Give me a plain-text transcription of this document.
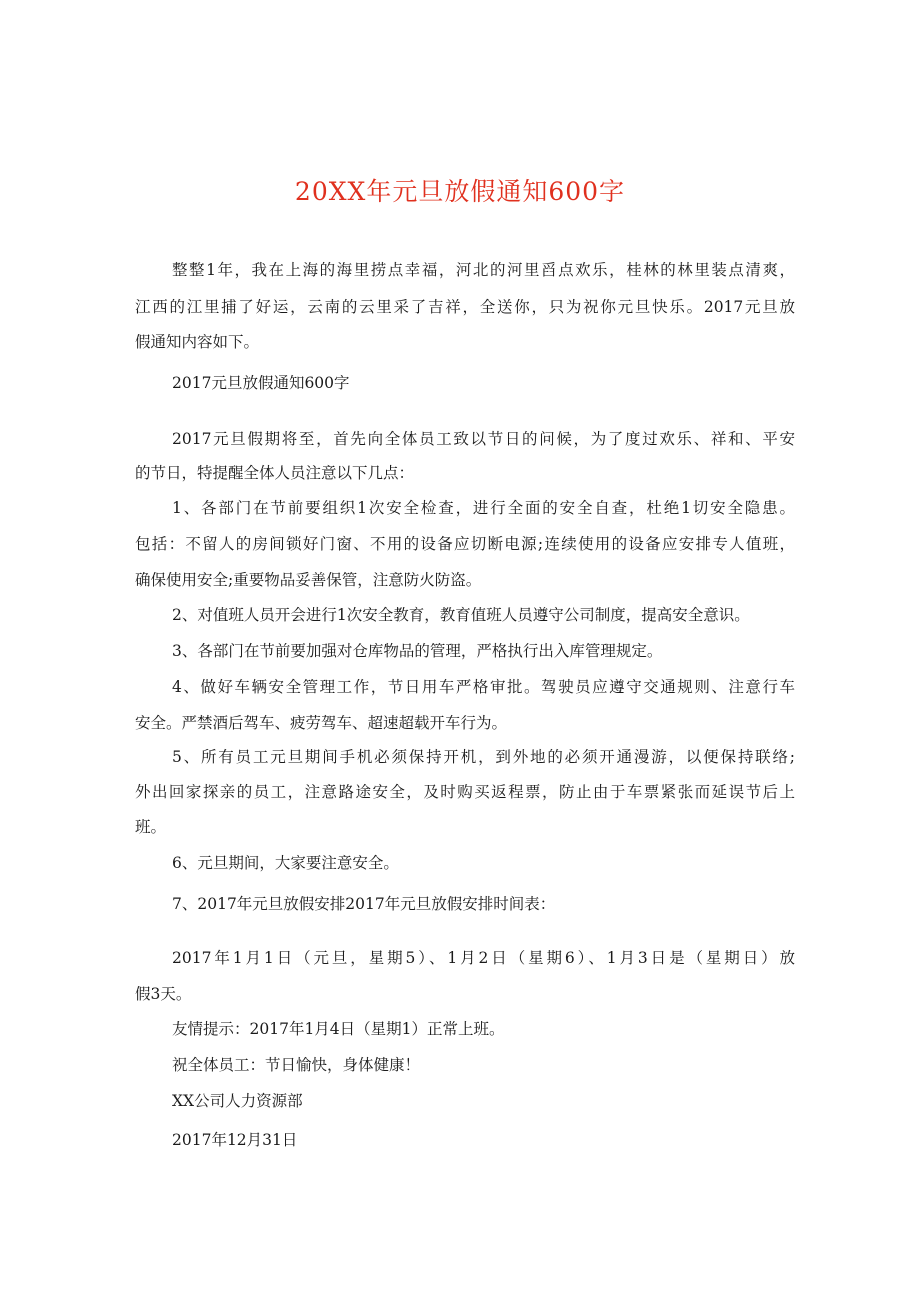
20XX年元旦放假通知600字
整整1年，我在上海的海里捞点幸福，河北的河里舀点欢乐，桂林的林里装点清爽，
江西的江里捕了好运，云南的云里采了吉祥，全送你，只为祝你元旦快乐。2017元旦放
假通知内容如下。
2017元旦放假通知600字
2017元旦假期将至，首先向全体员工致以节日的问候，为了度过欢乐、祥和、平安
的节日，特提醒全体人员注意以下几点：
1、各部门在节前要组织1次安全检查，进行全面的安全自查，杜绝1切安全隐患。
包括：不留人的房间锁好门窗、不用的设备应切断电源;连续使用的设备应安排专人值班，
确保使用安全;重要物品妥善保管，注意防火防盗。
2、对值班人员开会进行1次安全教育，教育值班人员遵守公司制度，提高安全意识。
3、各部门在节前要加强对仓库物品的管理，严格执行出入库管理规定。
4、做好车辆安全管理工作，节日用车严格审批。驾驶员应遵守交通规则、注意行车
安全。严禁酒后驾车、疲劳驾车、超速超载开车行为。
5、所有员工元旦期间手机必须保持开机，到外地的必须开通漫游，以便保持联络;
外出回家探亲的员工，注意路途安全，及时购买返程票，防止由于车票紧张而延误节后上
班。
6、元旦期间，大家要注意安全。
7、2017年元旦放假安排2017年元旦放假安排时间表：
2017年1月1日（元旦，星期5）、1月2日（星期6）、1月3日是（星期日）放
假3天。
友情提示：2017年1月4日（星期1）正常上班。
祝全体员工：节日愉快，身体健康！
XX公司人力资源部
2017年12月31日
